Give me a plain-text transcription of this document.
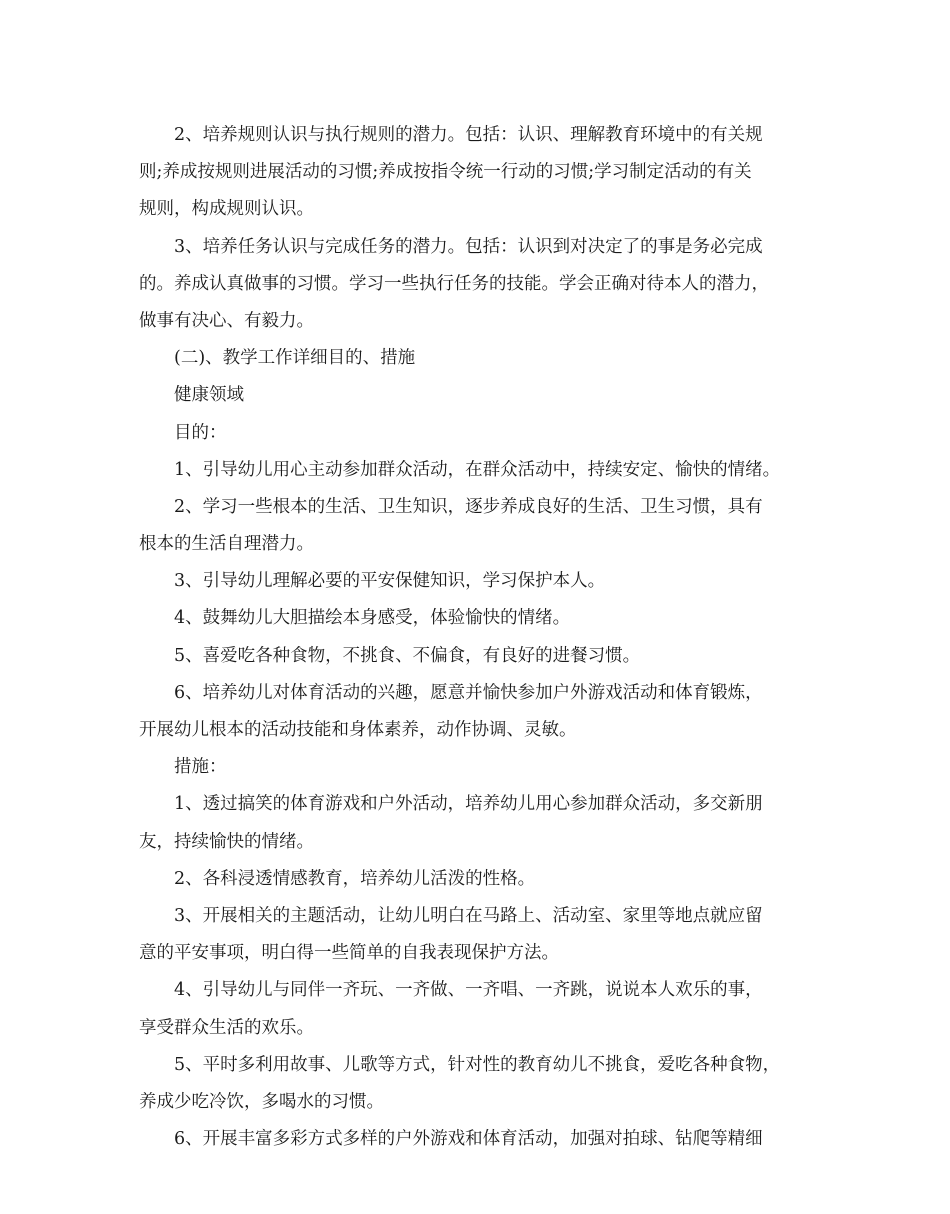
2、培养规则认识与执行规则的潜力。包括：认识、理解教育环境中的有关规
则;养成按规则进展活动的习惯;养成按指令统一行动的习惯;学习制定活动的有关
规则，构成规则认识。
3、培养任务认识与完成任务的潜力。包括：认识到对决定了的事是务必完成
的。养成认真做事的习惯。学习一些执行任务的技能。学会正确对待本人的潜力，
做事有决心、有毅力。
(二)、教学工作详细目的、措施
健康领域
目的：
1、引导幼儿用心主动参加群众活动，在群众活动中，持续安定、愉快的情绪。
2、学习一些根本的生活、卫生知识，逐步养成良好的生活、卫生习惯，具有
根本的生活自理潜力。
3、引导幼儿理解必要的平安保健知识，学习保护本人。
4、鼓舞幼儿大胆描绘本身感受，体验愉快的情绪。
5、喜爱吃各种食物，不挑食、不偏食，有良好的进餐习惯。
6、培养幼儿对体育活动的兴趣，愿意并愉快参加户外游戏活动和体育锻炼，
开展幼儿根本的活动技能和身体素养，动作协调、灵敏。
措施：
1、透过搞笑的体育游戏和户外活动，培养幼儿用心参加群众活动，多交新朋
友，持续愉快的情绪。
2、各科浸透情感教育，培养幼儿活泼的性格。
3、开展相关的主题活动，让幼儿明白在马路上、活动室、家里等地点就应留
意的平安事项，明白得一些简单的自我表现保护方法。
4、引导幼儿与同伴一齐玩、一齐做、一齐唱、一齐跳，说说本人欢乐的事，
享受群众生活的欢乐。
5、平时多利用故事、儿歌等方式，针对性的教育幼儿不挑食，爱吃各种食物，
养成少吃冷饮，多喝水的习惯。
6、开展丰富多彩方式多样的户外游戏和体育活动，加强对拍球、钻爬等精细
